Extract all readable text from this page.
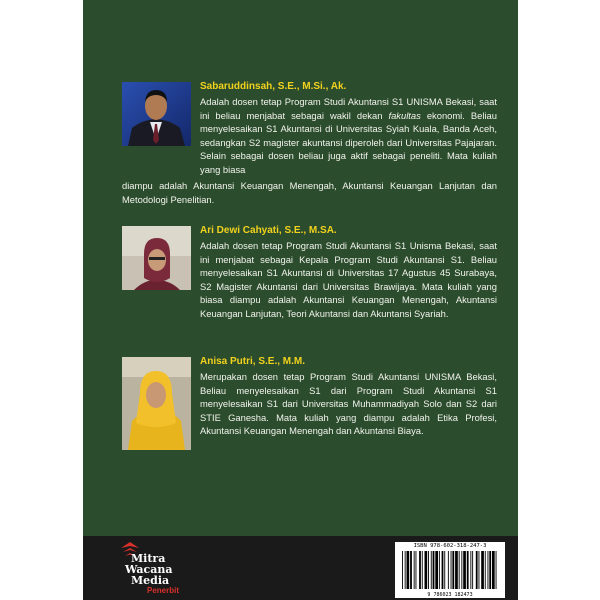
Sabaruddinsah, S.E., M.Si., Ak.

Adalah dosen tetap Program Studi Akuntansi S1 UNISMA Bekasi, saat ini beliau menjabat sebagai wakil dekan fakultas ekonomi. Beliau menyelesaikan S1 Akuntansi di Universitas Syiah Kuala, Banda Aceh, sedangkan S2 magister akuntansi diperoleh dari Universitas Pajajaran. Selain sebagai dosen beliau juga aktif sebagai peneliti. Mata kuliah yang biasa

diampu adalah Akuntansi Keuangan Menengah, Akuntansi Keuangan Lanjutan dan Metodologi Penelitian.

Ari Dewi Cahyati, S.E., M.SA.

Adalah dosen tetap Program Studi Akuntansi S1 Unisma Bekasi, saat ini menjabat sebagai Kepala Program Studi Akuntansi S1. Beliau menyelesaikan S1 Akuntansi di Universitas 17 Agustus 45 Surabaya, S2 Magister Akuntansi dari Universitas Brawijaya. Mata kuliah yang biasa diampu adalah Akuntansi Keuangan Menengah, Akuntansi Keuangan Lanjutan, Teori Akuntansi dan Akuntansi Syariah.

Anisa Putri, S.E., M.M.

Merupakan dosen tetap Program Studi Akuntansi UNISMA Bekasi, Beliau menyelesaikan S1 dari Program Studi Akuntansi S1 menyelesaikan S1 dari Universitas Muhammadiyah Solo dan S2 dari STIE Ganesha. Mata kuliah yang diampu adalah Etika Profesi, Akuntansi Keuangan Menengah dan Akuntansi Biaya.

Mitra
Wacana
Media
Penerbit
ISBN 978-602-318-247-3
9 786023 182473
